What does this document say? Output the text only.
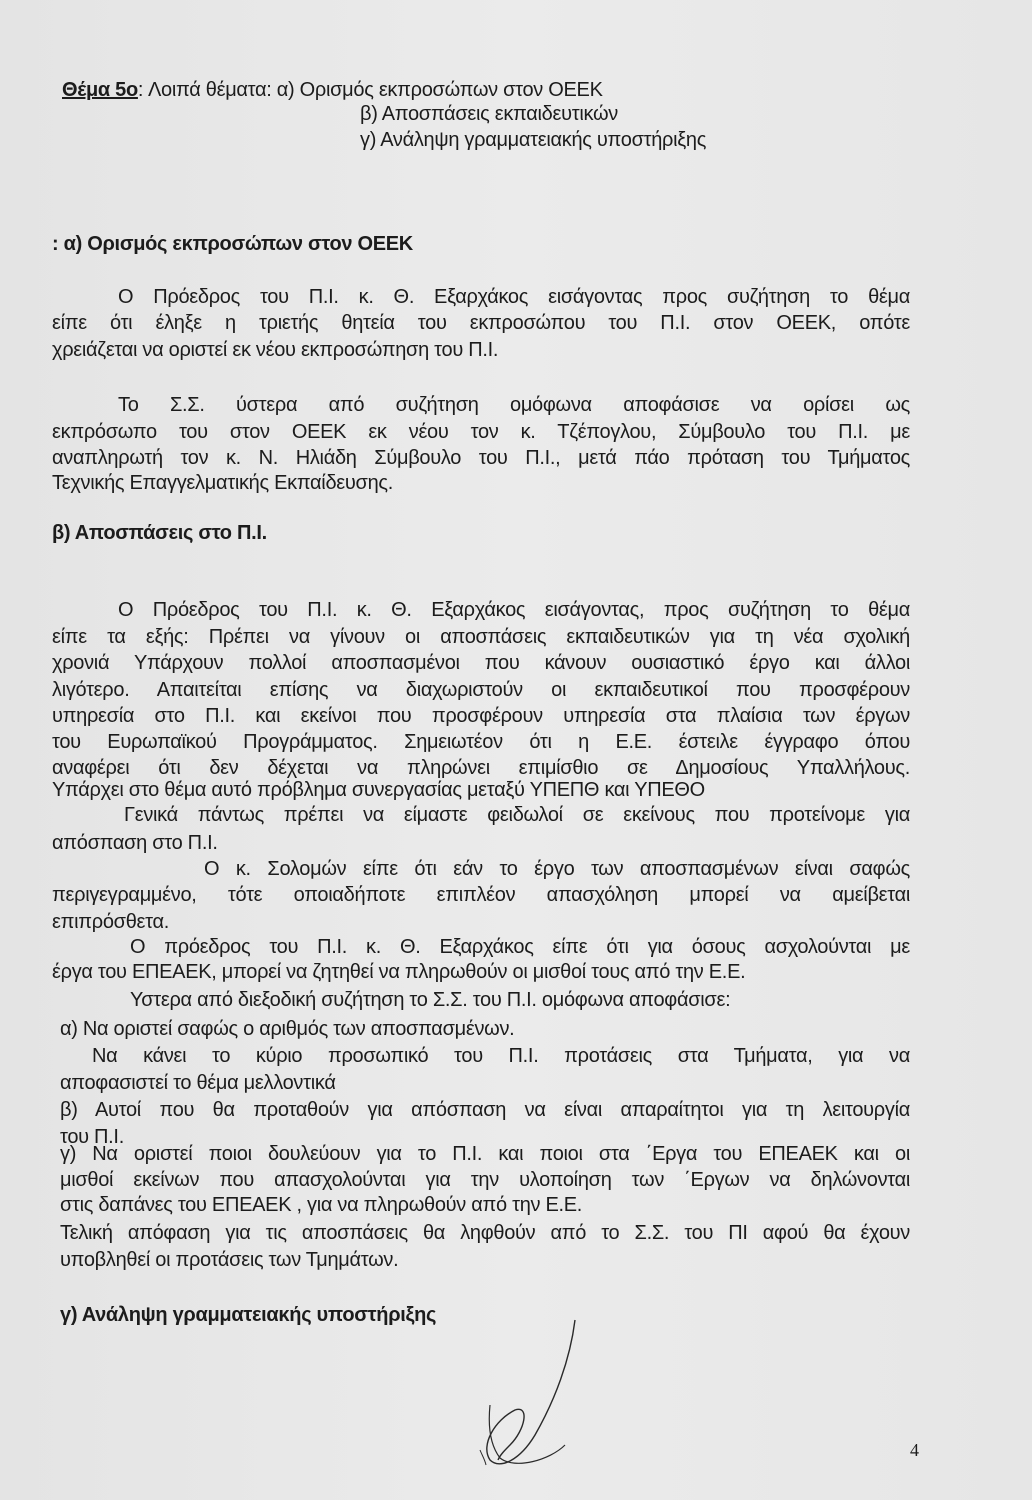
Θέμα 5ο: Λοιπά θέματα: α) Ορισμός εκπροσώπων στον ΟΕΕΚ
β) Αποσπάσεις εκπαιδευτικών
γ) Ανάληψη γραμματειακής υποστήριξης
: α) Ορισμός εκπροσώπων στον ΟΕΕΚ
Ο Πρόεδρος του Π.Ι. κ. Θ. Εξαρχάκος εισάγοντας προς συζήτηση το θέμα
είπε ότι έληξε η τριετής θητεία του εκπροσώπου του Π.Ι. στον ΟΕΕΚ, οπότε
χρειάζεται να οριστεί εκ νέου εκπροσώπηση του Π.Ι.
Το Σ.Σ. ύστερα από συζήτηση ομόφωνα αποφάσισε να ορίσει ως
εκπρόσωπο του στον ΟΕΕΚ εκ νέου τον κ. Τζέπογλου, Σύμβουλο του Π.Ι. με
αναπληρωτή τον κ. Ν. Ηλιάδη Σύμβουλο του Π.Ι., μετά πάο πρόταση του Τμήματος
Τεχνικής Επαγγελματικής Εκπαίδευσης.
β) Αποσπάσεις στο Π.Ι.
Ο Πρόεδρος του Π.Ι. κ. Θ. Εξαρχάκος εισάγοντας, προς συζήτηση το θέμα
είπε τα εξής: Πρέπει να γίνουν οι αποσπάσεις εκπαιδευτικών για τη νέα σχολική
χρονιά Υπάρχουν πολλοί αποσπασμένοι που κάνουν ουσιαστικό έργο και άλλοι
λιγότερο. Απαιτείται επίσης να διαχωριστούν οι εκπαιδευτικοί που προσφέρουν
υπηρεσία στο Π.Ι. και εκείνοι που προσφέρουν υπηρεσία στα πλαίσια των έργων
του Ευρωπαϊκού Προγράμματος. Σημειωτέον ότι η Ε.Ε. έστειλε έγγραφο όπου
αναφέρει ότι δεν δέχεται να πληρώνει επιμίσθιο σε Δημοσίους Υπαλλήλους.
Υπάρχει στο θέμα αυτό πρόβλημα συνεργασίας μεταξύ ΥΠΕΠΘ και ΥΠΕΘΟ
Γενικά πάντως πρέπει να είμαστε φειδωλοί σε εκείνους που προτείνομε για
απόσπαση στο Π.Ι.
Ο κ. Σολομών είπε ότι εάν το έργο των αποσπασμένων είναι σαφώς
περιγεγραμμένο, τότε οποιαδήποτε επιπλέον απασχόληση μπορεί να αμείβεται
επιπρόσθετα.
Ο πρόεδρος του Π.Ι. κ. Θ. Εξαρχάκος είπε ότι για όσους ασχολούνται με
έργα του ΕΠΕΑΕΚ, μπορεί να ζητηθεί να πληρωθούν οι μισθοί τους από την Ε.Ε.
Υστερα από διεξοδική συζήτηση το Σ.Σ. του Π.Ι. ομόφωνα αποφάσισε:
α) Να οριστεί σαφώς ο αριθμός των αποσπασμένων.
Να κάνει το κύριο προσωπικό του Π.Ι. προτάσεις στα Τμήματα, για να
αποφασιστεί το θέμα μελλοντικά
β) Αυτοί που θα προταθούν για απόσπαση να είναι απαραίτητοι για τη λειτουργία
του Π.Ι.
γ) Να οριστεί ποιοι δουλεύουν για το Π.Ι. και ποιοι στα ΄Εργα του ΕΠΕΑΕΚ και οι
μισθοί εκείνων που απασχολούνται για την υλοποίηση των ΄Εργων να δηλώνονται
στις δαπάνες του ΕΠΕΑΕΚ , για να πληρωθούν από την Ε.Ε.
Τελική απόφαση για τις αποσπάσεις θα ληφθούν από το Σ.Σ. του ΠΙ αφού θα έχουν
υποβληθεί οι προτάσεις των Τμημάτων.
γ) Ανάληψη γραμματειακής υποστήριξης
4
